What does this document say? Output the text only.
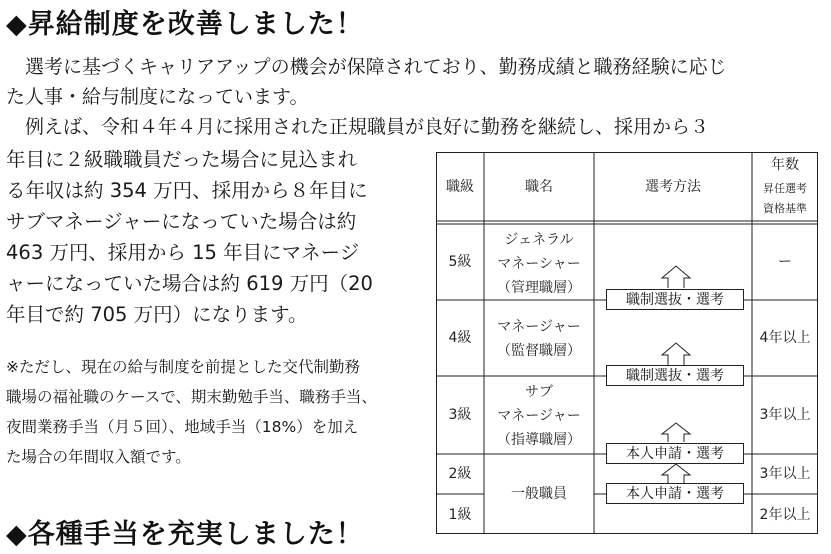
◆昇給制度を改善しました！
　選考に基づくキャリアアップの機会が保障されており、勤務成績と職務経験に応じ
た人事・給与制度になっています。
　例えば、令和４年４月に採用された正規職員が良好に勤務を継続し、採用から３
年目に２級職職員だった場合に見込まれ
る年収は約 354 万円、採用から８年目に
サブマネージャーになっていた場合は約
463 万円、採用から 15 年目にマネージ
ャーになっていた場合は約 619 万円（20
年目で約 705 万円）になります。
※ただし、現在の給与制度を前提とした交代制勤務
職場の福祉職のケースで、期末勤勉手当、職務手当、
夜間業務手当（月５回）、地域手当（18%）を加え
た場合の年間収入額です。
◆各種手当を充実しました！
職級	職名	選考方法
年数
昇任選考
資格基準
5級
4級
3級
2級
1級
ジェネラル
マネーシャー
（管理職層）
マネージャー
（監督職層）
サブ
マネージャー
（指導職層）
一般職員
職制選抜・選考
職制選抜・選考
本人申請・選考
本人申請・選考
ー
4年以上
3年以上
3年以上
2年以上
